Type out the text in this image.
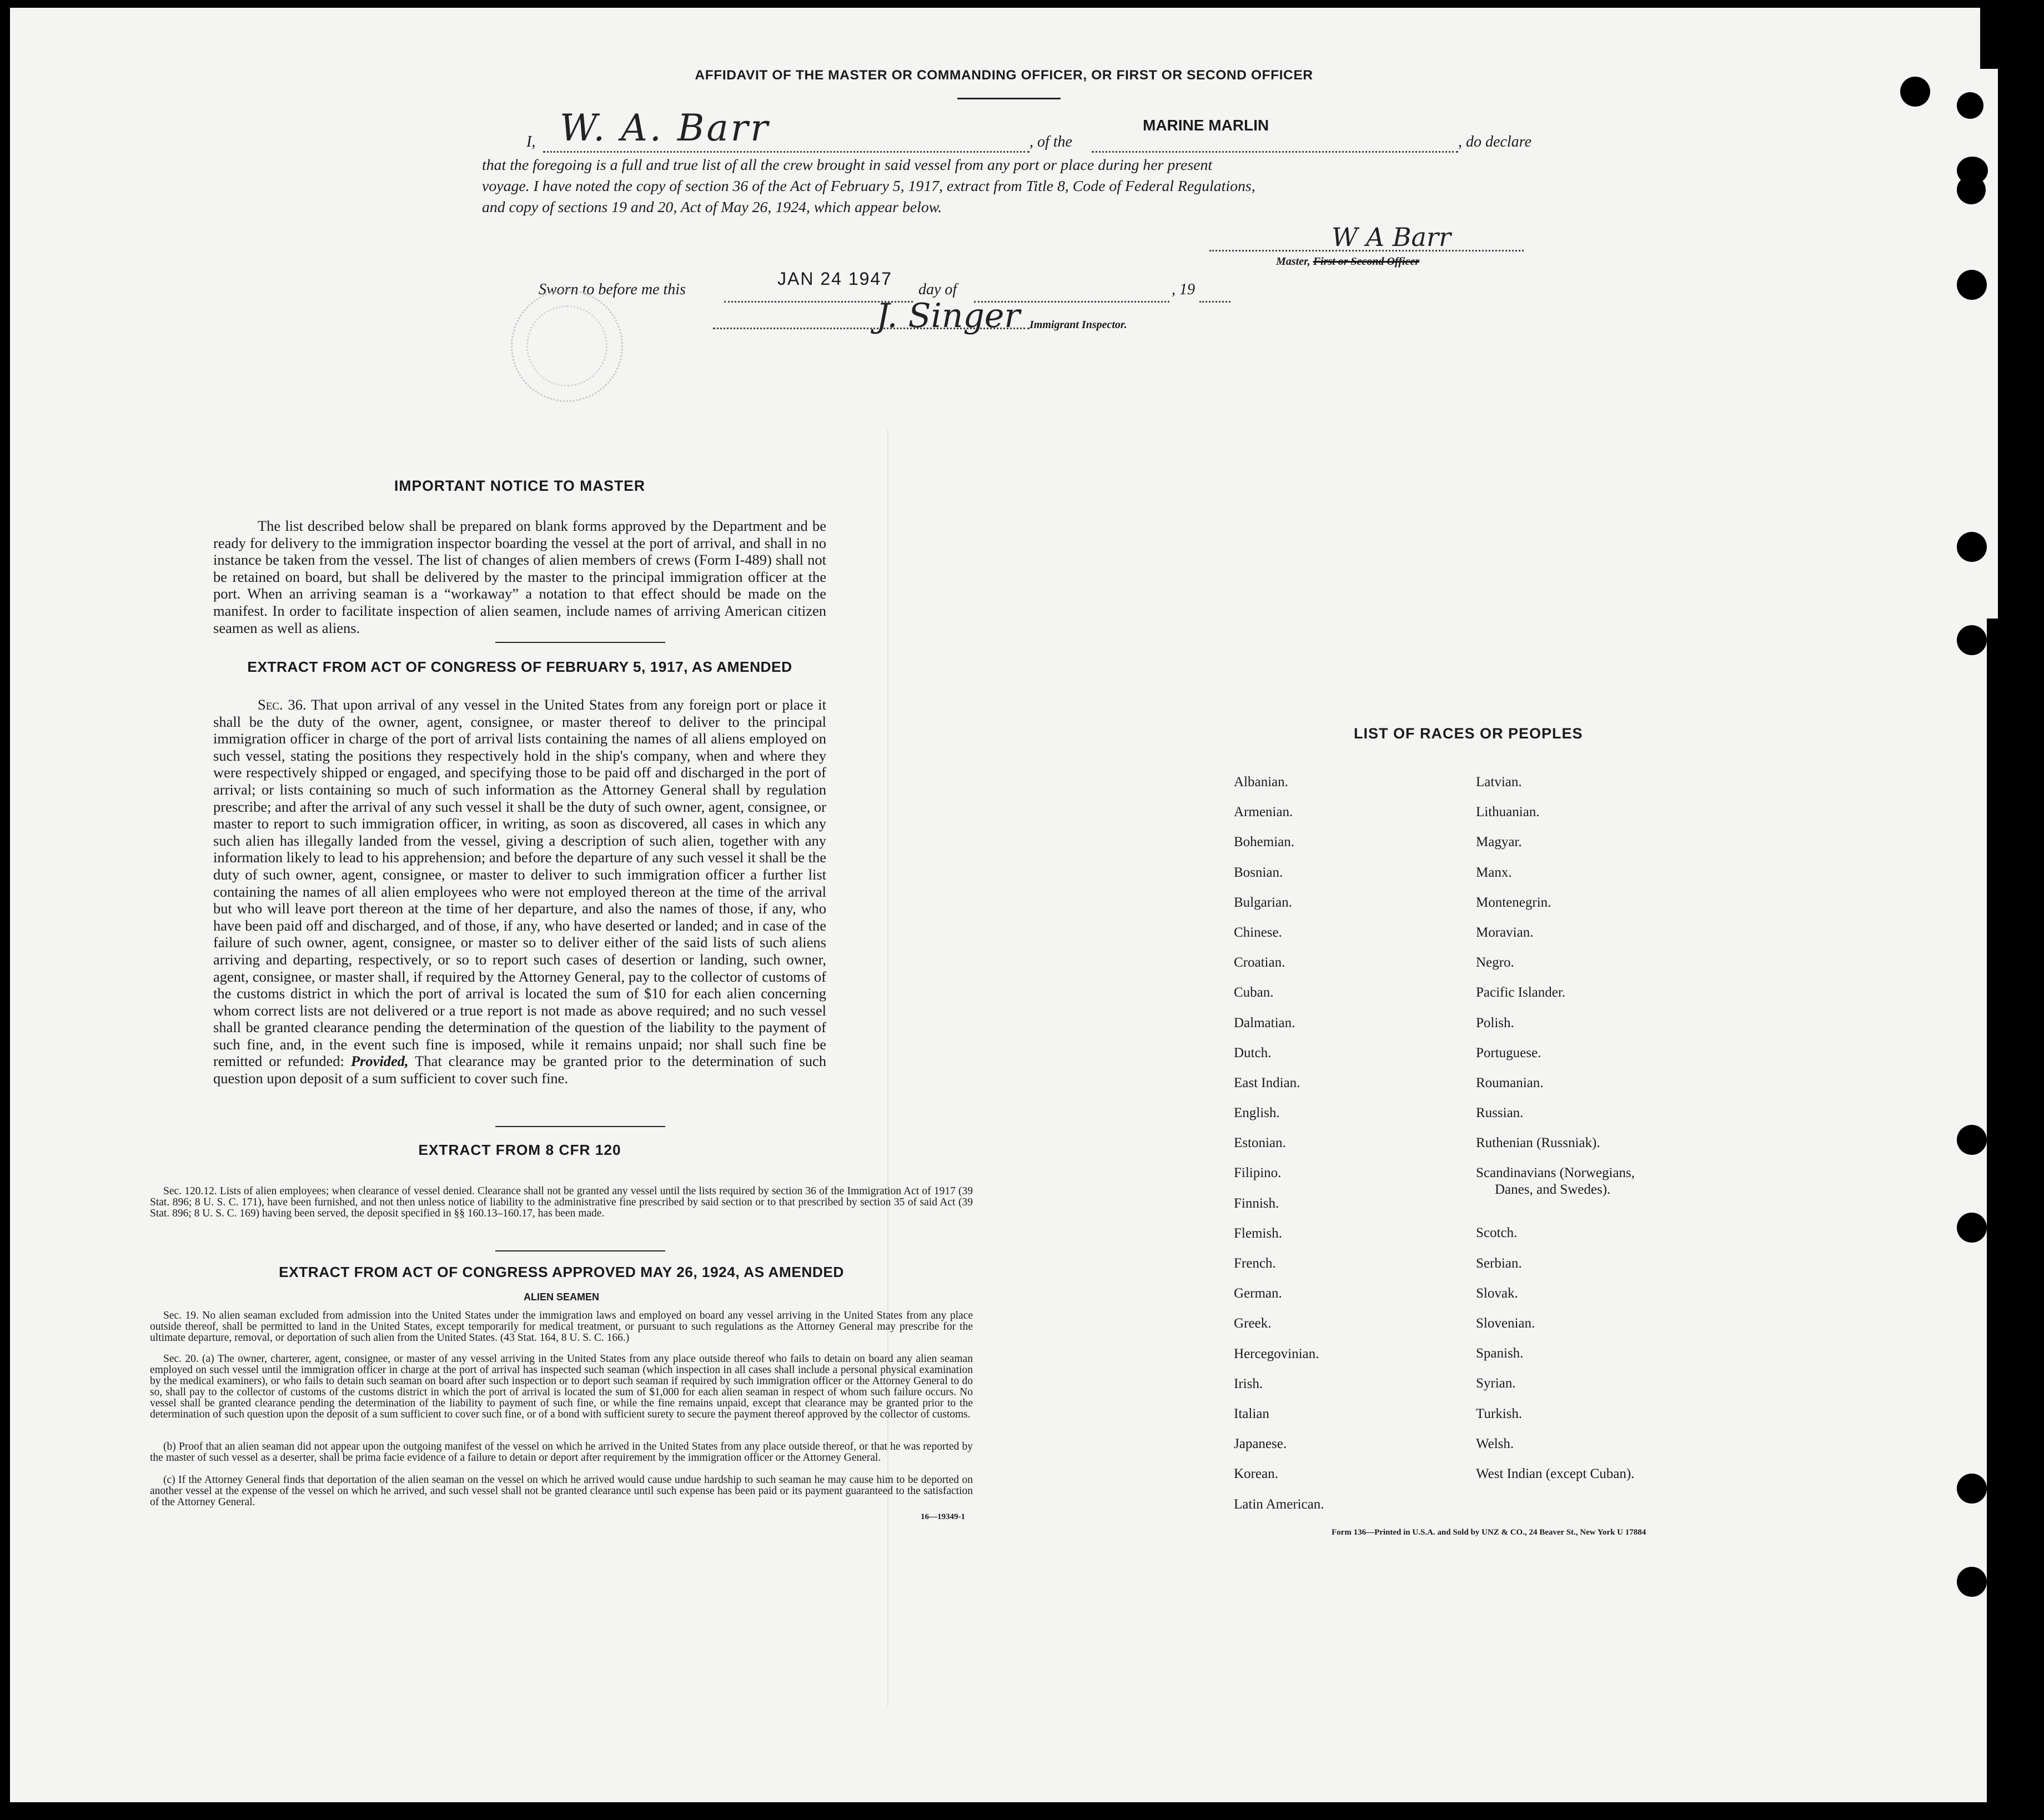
AFFIDAVIT OF THE MASTER OR COMMANDING OFFICER, OR FIRST OR SECOND OFFICER
I, W. A. Barr	, of the
MARINE MARLIN
, do declare
that the foregoing is a full and true list of all the crew brought in said vessel from any port or place during her present
voyage. I have noted the copy of section 36 of the Act of February 5, 1917, extract from Title 8, Code of Federal Regulations,
and copy of sections 19 and 20, Act of May 26, 1924, which appear below.
W A Barr
Master, First or Second Officer
Sworn to before me this
JAN 24 1947
day of	, 19
J. Singer Immigrant Inspector.
IMPORTANT NOTICE TO MASTER
The list described below shall be prepared on blank forms approved by the Department and be ready for delivery to the immigration inspector boarding the vessel at the port of arrival, and shall in no instance be taken from the vessel. The list of changes of alien members of crews (Form I-489) shall not be retained on board, but shall be delivered by the master to the principal immigration officer at the port. When an arriving seaman is a “workaway” a notation to that effect should be made on the manifest. In order to facilitate inspection of alien seamen, include names of arriving American citizen seamen as well as aliens.
EXTRACT FROM ACT OF CONGRESS OF FEBRUARY 5, 1917, AS AMENDED
Sec. 36. That upon arrival of any vessel in the United States from any foreign port or place it shall be the duty of the owner, agent, consignee, or master thereof to deliver to the principal immigration officer in charge of the port of arrival lists containing the names of all aliens employed on such vessel, stating the positions they respectively hold in the ship's company, when and where they were respectively shipped or engaged, and specifying those to be paid off and discharged in the port of arrival; or lists containing so much of such information as the Attorney General shall by regulation prescribe; and after the arrival of any such vessel it shall be the duty of such owner, agent, consignee, or master to report to such immigration officer, in writing, as soon as discovered, all cases in which any such alien has illegally landed from the vessel, giving a description of such alien, together with any information likely to lead to his apprehension; and before the departure of any such vessel it shall be the duty of such owner, agent, consignee, or master to deliver to such immigration officer a further list containing the names of all alien employees who were not employed thereon at the time of the arrival but who will leave port thereon at the time of her departure, and also the names of those, if any, who have been paid off and discharged, and of those, if any, who have deserted or landed; and in case of the failure of such owner, agent, consignee, or master so to deliver either of the said lists of such aliens arriving and departing, respectively, or so to report such cases of desertion or landing, such owner, agent, consignee, or master shall, if required by the Attorney General, pay to the collector of customs of the customs district in which the port of arrival is located the sum of $10 for each alien concerning whom correct lists are not delivered or a true report is not made as above required; and no such vessel shall be granted clearance pending the determination of the question of the liability to the payment of such fine, and, in the event such fine is imposed, while it remains unpaid; nor shall such fine be remitted or refunded: Provided, That clearance may be granted prior to the determination of such question upon deposit of a sum sufficient to cover such fine.
EXTRACT FROM 8 CFR 120
Sec. 120.12. Lists of alien employees; when clearance of vessel denied. Clearance shall not be granted any vessel until the lists required by section 36 of the Immigration Act of 1917 (39 Stat. 896; 8 U. S. C. 171), have been furnished, and not then unless notice of liability to the administrative fine prescribed by said section or to that prescribed by section 35 of said Act (39 Stat. 896; 8 U. S. C. 169) having been served, the deposit specified in §§ 160.13–160.17, has been made.
EXTRACT FROM ACT OF CONGRESS APPROVED MAY 26, 1924, AS AMENDED
ALIEN SEAMEN
Sec. 19. No alien seaman excluded from admission into the United States under the immigration laws and employed on board any vessel arriving in the United States from any place outside thereof, shall be permitted to land in the United States, except temporarily for medical treatment, or pursuant to such regulations as the Attorney General may prescribe for the ultimate departure, removal, or deportation of such alien from the United States. (43 Stat. 164, 8 U. S. C. 166.)
Sec. 20. (a) The owner, charterer, agent, consignee, or master of any vessel arriving in the United States from any place outside thereof who fails to detain on board any alien seaman employed on such vessel until the immigration officer in charge at the port of arrival has inspected such seaman (which inspection in all cases shall include a personal physical examination by the medical examiners), or who fails to detain such seaman on board after such inspection or to deport such seaman if required by such immigration officer or the Attorney General to do so, shall pay to the collector of customs of the customs district in which the port of arrival is located the sum of $1,000 for each alien seaman in respect of whom such failure occurs. No vessel shall be granted clearance pending the determination of the liability to payment of such fine, or while the fine remains unpaid, except that clearance may be granted prior to the determination of such question upon the deposit of a sum sufficient to cover such fine, or of a bond with sufficient surety to secure the payment thereof approved by the collector of customs.
(b) Proof that an alien seaman did not appear upon the outgoing manifest of the vessel on which he arrived in the United States from any place outside thereof, or that he was reported by the master of such vessel as a deserter, shall be prima facie evidence of a failure to detain or deport after requirement by the immigration officer or the Attorney General.
(c) If the Attorney General finds that deportation of the alien seaman on the vessel on which he arrived would cause undue hardship to such seaman he may cause him to be deported on another vessel at the expense of the vessel on which he arrived, and such vessel shall not be granted clearance until such expense has been paid or its payment guaranteed to the satisfaction of the Attorney General.
16—19349-1
LIST OF RACES OR PEOPLES
Albanian.
Armenian.
Bohemian.
Bosnian.
Bulgarian.
Chinese.
Croatian.
Cuban.
Dalmatian.
Dutch.
East Indian.
English.
Estonian.
Filipino.
Finnish.
Flemish.
French.
German.
Greek.
Hercegovinian.
Irish.
Italian
Japanese.
Korean.
Latin American.
Latvian.
Lithuanian.
Magyar.
Manx.
Montenegrin.
Moravian.
Negro.
Pacific Islander.
Polish.
Portuguese.
Roumanian.
Russian.
Ruthenian (Russniak).
Scandinavians (Norwegians,
Danes, and Swedes).
Scotch.
Serbian.
Slovak.
Slovenian.
Spanish.
Syrian.
Turkish.
Welsh.
West Indian (except Cuban).
Form 136—Printed in U.S.A. and Sold by UNZ & CO., 24 Beaver St., New York U 17884
